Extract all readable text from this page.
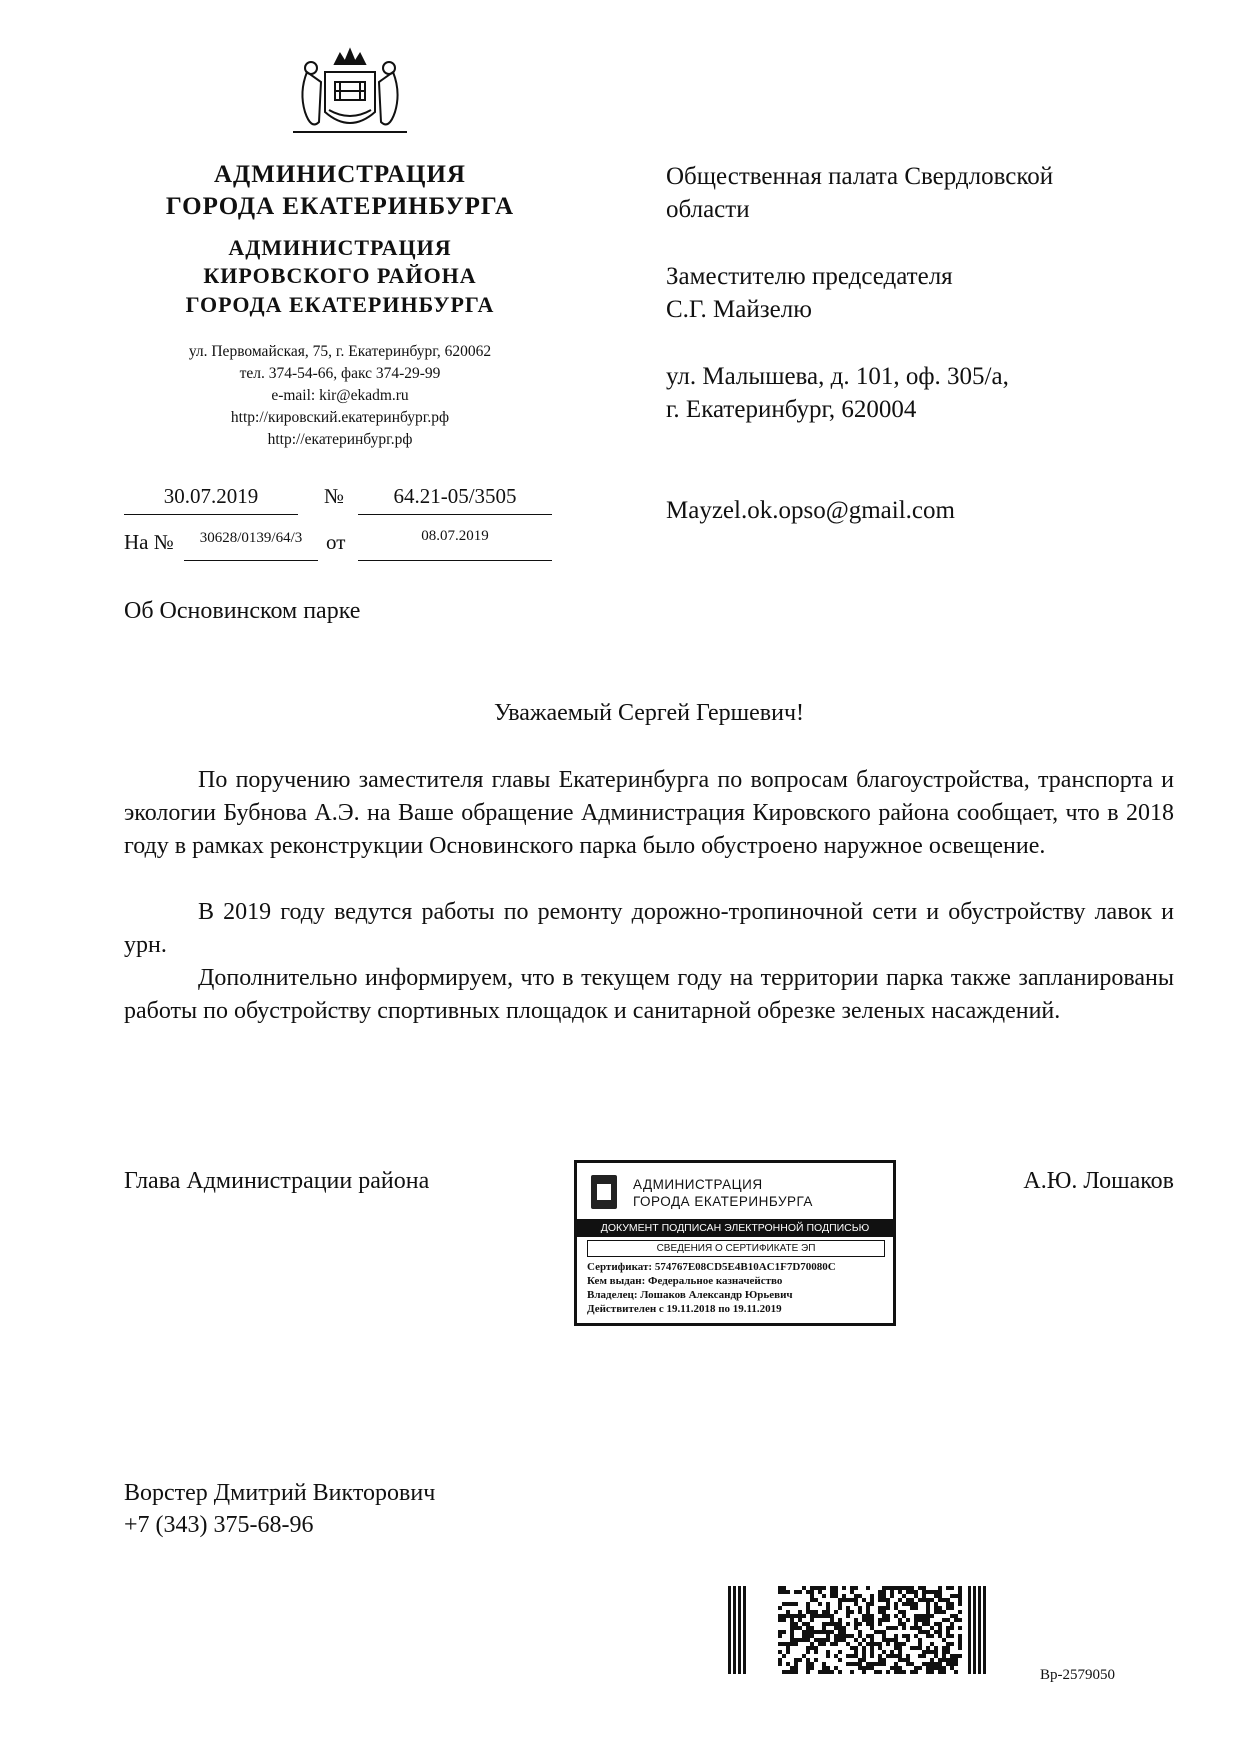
АДМИНИСТРАЦИЯ
ГОРОДА ЕКАТЕРИНБУРГА
АДМИНИСТРАЦИЯ
КИРОВСКОГО РАЙОНА
ГОРОДА ЕКАТЕРИНБУРГА
ул. Первомайская, 75, г. Екатеринбург, 620062
тел. 374-54-66, факс 374-29-99
e-mail: kir@ekadm.ru
http://кировский.екатеринбург.рф
http://екатеринбург.рф
30.07.2019	№	64.21-05/3505
На №	30628/0139/64/3	от	08.07.2019
Общественная палата Свердловской
области
Заместителю председателя
С.Г. Майзелю
ул. Малышева, д. 101, оф. 305/а,
г. Екатеринбург, 620004
Mayzel.ok.opso@gmail.com
Об Основинском парке
Уважаемый Сергей Гершевич!
По поручению заместителя главы Екатеринбурга по вопросам благоустройства, транспорта и экологии Бубнова А.Э. на Ваше обращение Администрация Кировского района сообщает, что в 2018 году в рамках реконструкции Основинского парка было обустроено наружное освещение.
В 2019 году ведутся работы по ремонту дорожно-тропиночной сети и обустройству лавок и урн.
Дополнительно информируем, что в текущем году на территории парка также запланированы работы по обустройству спортивных площадок и санитарной обрезке зеленых насаждений.
Глава Администрации района	А.Ю. Лошаков
АДМИНИСТРАЦИЯ
ГОРОДА ЕКАТЕРИНБУРГА
ДОКУМЕНТ ПОДПИСАН ЭЛЕКТРОННОЙ ПОДПИСЬЮ
СВЕДЕНИЯ О СЕРТИФИКАТЕ ЭП
Сертификат: 574767E08CD5E4B10AC1F7D70080C
Кем выдан: Федеральное казначейство
Владелец: Лошаков Александр Юрьевич
Действителен с 19.11.2018 по 19.11.2019
Ворстер Дмитрий Викторович
+7 (343) 375-68-96
Вр-2579050
